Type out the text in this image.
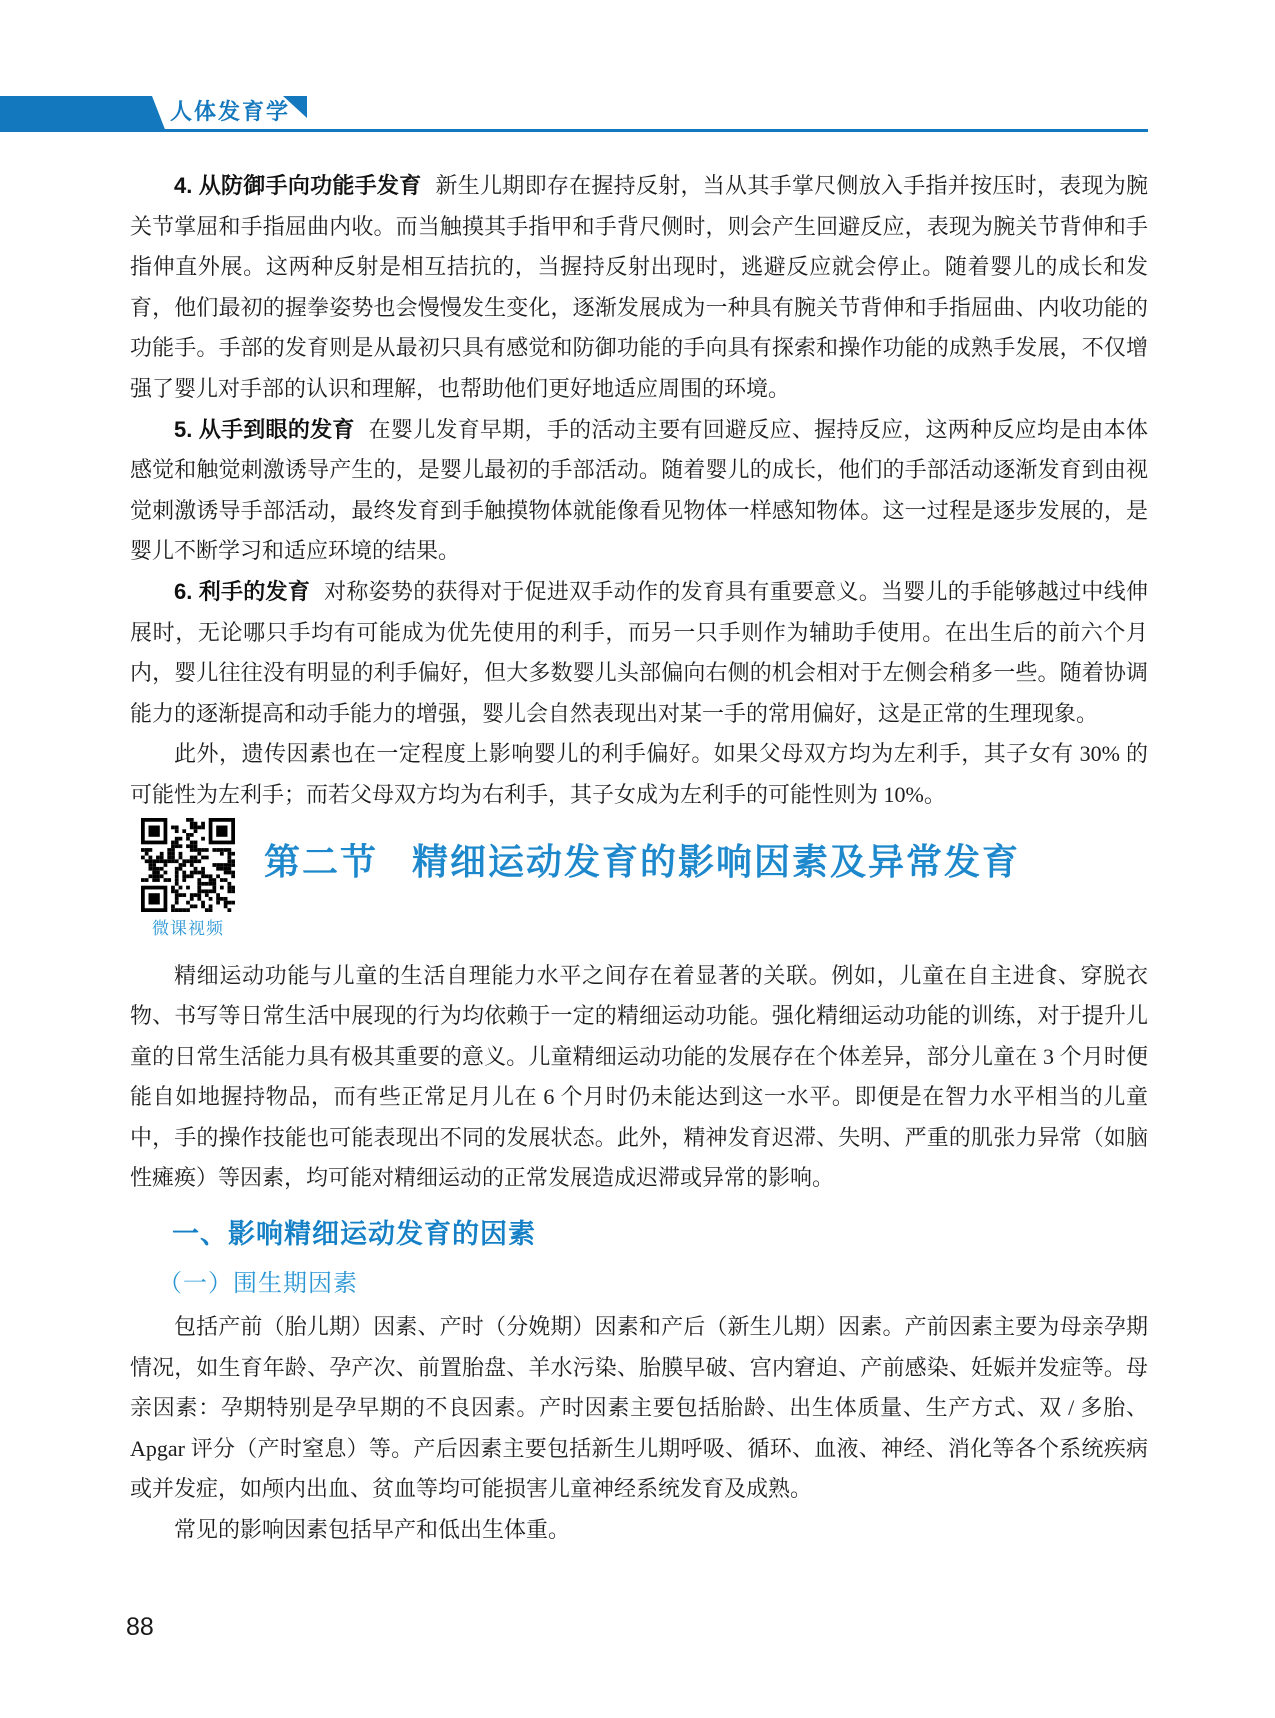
人体发育学

4. 从防御手向功能手发育 新生儿期即存在握持反射，当从其手掌尺侧放入手指并按压时，表现为腕关节掌屈和手指屈曲内收。而当触摸其手指甲和手背尺侧时，则会产生回避反应，表现为腕关节背伸和手指伸直外展。这两种反射是相互拮抗的，当握持反射出现时，逃避反应就会停止。随着婴儿的成长和发育，他们最初的握拳姿势也会慢慢发生变化，逐渐发展成为一种具有腕关节背伸和手指屈曲、内收功能的功能手。手部的发育则是从最初只具有感觉和防御功能的手向具有探索和操作功能的成熟手发展，不仅增强了婴儿对手部的认识和理解，也帮助他们更好地适应周围的环境。

5. 从手到眼的发育 在婴儿发育早期，手的活动主要有回避反应、握持反应，这两种反应均是由本体感觉和触觉刺激诱导产生的，是婴儿最初的手部活动。随着婴儿的成长，他们的手部活动逐渐发育到由视觉刺激诱导手部活动，最终发育到手触摸物体就能像看见物体一样感知物体。这一过程是逐步发展的，是婴儿不断学习和适应环境的结果。

6. 利手的发育 对称姿势的获得对于促进双手动作的发育具有重要意义。当婴儿的手能够越过中线伸展时，无论哪只手均有可能成为优先使用的利手，而另一只手则作为辅助手使用。在出生后的前六个月内，婴儿往往没有明显的利手偏好，但大多数婴儿头部偏向右侧的机会相对于左侧会稍多一些。随着协调能力的逐渐提高和动手能力的增强，婴儿会自然表现出对某一手的常用偏好，这是正常的生理现象。

此外，遗传因素也在一定程度上影响婴儿的利手偏好。如果父母双方均为左利手，其子女有 30% 的可能性为左利手；而若父母双方均为右利手，其子女成为左利手的可能性则为 10%。

微课视频
第二节 精细运动发育的影响因素及异常发育

精细运动功能与儿童的生活自理能力水平之间存在着显著的关联。例如，儿童在自主进食、穿脱衣物、书写等日常生活中展现的行为均依赖于一定的精细运动功能。强化精细运动功能的训练，对于提升儿童的日常生活能力具有极其重要的意义。儿童精细运动功能的发展存在个体差异，部分儿童在 3 个月时便能自如地握持物品，而有些正常足月儿在 6 个月时仍未能达到这一水平。即便是在智力水平相当的儿童中，手的操作技能也可能表现出不同的发展状态。此外，精神发育迟滞、失明、严重的肌张力异常（如脑性瘫痪）等因素，均可能对精细运动的正常发展造成迟滞或异常的影响。

一、影响精细运动发育的因素
（一）围生期因素

包括产前（胎儿期）因素、产时（分娩期）因素和产后（新生儿期）因素。产前因素主要为母亲孕期情况，如生育年龄、孕产次、前置胎盘、羊水污染、胎膜早破、宫内窘迫、产前感染、妊娠并发症等。母亲因素：孕期特别是孕早期的不良因素。产时因素主要包括胎龄、出生体质量、生产方式、双 / 多胎、Apgar 评分（产时窒息）等。产后因素主要包括新生儿期呼吸、循环、血液、神经、消化等各个系统疾病或并发症，如颅内出血、贫血等均可能损害儿童神经系统发育及成熟。

常见的影响因素包括早产和低出生体重。

88
